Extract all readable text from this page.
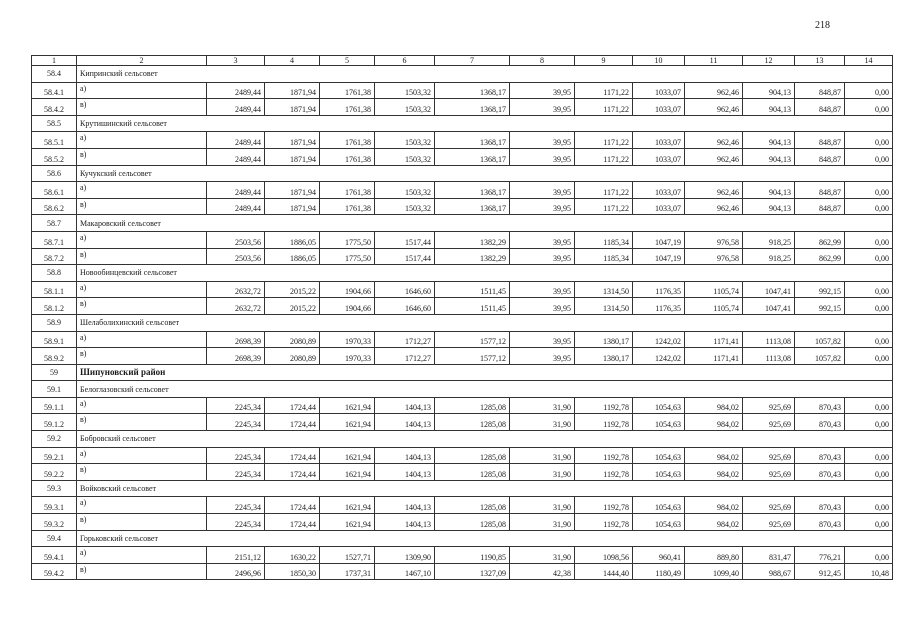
218
1	2	3	4	5	6	7	8	9	10	11	12	13	14
58.4	Кипринский сельсовет												
58.4.1	а)	2489,44	1871,94	1761,38	1503,32	1368,17	39,95	1171,22	1033,07	962,46	904,13	848,87	0,00
58.4.2	в)	2489,44	1871,94	1761,38	1503,32	1368,17	39,95	1171,22	1033,07	962,46	904,13	848,87	0,00
58.5	Крутишинский сельсовет												
58.5.1	а)	2489,44	1871,94	1761,38	1503,32	1368,17	39,95	1171,22	1033,07	962,46	904,13	848,87	0,00
58.5.2	в)	2489,44	1871,94	1761,38	1503,32	1368,17	39,95	1171,22	1033,07	962,46	904,13	848,87	0,00
58.6	Кучукский сельсовет												
58.6.1	а)	2489,44	1871,94	1761,38	1503,32	1368,17	39,95	1171,22	1033,07	962,46	904,13	848,87	0,00
58.6.2	в)	2489,44	1871,94	1761,38	1503,32	1368,17	39,95	1171,22	1033,07	962,46	904,13	848,87	0,00
58.7	Макаровский сельсовет												
58.7.1	а)	2503,56	1886,05	1775,50	1517,44	1382,29	39,95	1185,34	1047,19	976,58	918,25	862,99	0,00
58.7.2	в)	2503,56	1886,05	1775,50	1517,44	1382,29	39,95	1185,34	1047,19	976,58	918,25	862,99	0,00
58.8	Новообинцевский сельсовет												
58.1.1	а)	2632,72	2015,22	1904,66	1646,60	1511,45	39,95	1314,50	1176,35	1105,74	1047,41	992,15	0,00
58.1.2	в)	2632,72	2015,22	1904,66	1646,60	1511,45	39,95	1314,50	1176,35	1105,74	1047,41	992,15	0,00
58.9	Шелаболихинский сельсовет												
58.9.1	а)	2698,39	2080,89	1970,33	1712,27	1577,12	39,95	1380,17	1242,02	1171,41	1113,08	1057,82	0,00
58.9.2	в)	2698,39	2080,89	1970,33	1712,27	1577,12	39,95	1380,17	1242,02	1171,41	1113,08	1057,82	0,00
59	Шипуновский район												
59.1	Белоглазовский сельсовет												
59.1.1	а)	2245,34	1724,44	1621,94	1404,13	1285,08	31,90	1192,78	1054,63	984,02	925,69	870,43	0,00
59.1.2	в)	2245,34	1724,44	1621,94	1404,13	1285,08	31,90	1192,78	1054,63	984,02	925,69	870,43	0,00
59.2	Бобровский сельсовет												
59.2.1	а)	2245,34	1724,44	1621,94	1404,13	1285,08	31,90	1192,78	1054,63	984,02	925,69	870,43	0,00
59.2.2	в)	2245,34	1724,44	1621,94	1404,13	1285,08	31,90	1192,78	1054,63	984,02	925,69	870,43	0,00
59.3	Войковский сельсовет												
59.3.1	а)	2245,34	1724,44	1621,94	1404,13	1285,08	31,90	1192,78	1054,63	984,02	925,69	870,43	0,00
59.3.2	в)	2245,34	1724,44	1621,94	1404,13	1285,08	31,90	1192,78	1054,63	984,02	925,69	870,43	0,00
59.4	Горьковский сельсовет												
59.4.1	а)	2151,12	1630,22	1527,71	1309,90	1190,85	31,90	1098,56	960,41	889,80	831,47	776,21	0,00
59.4.2	в)	2496,96	1850,30	1737,31	1467,10	1327,09	42,38	1444,40	1180,49	1099,40	988,67	912,45	10,48
